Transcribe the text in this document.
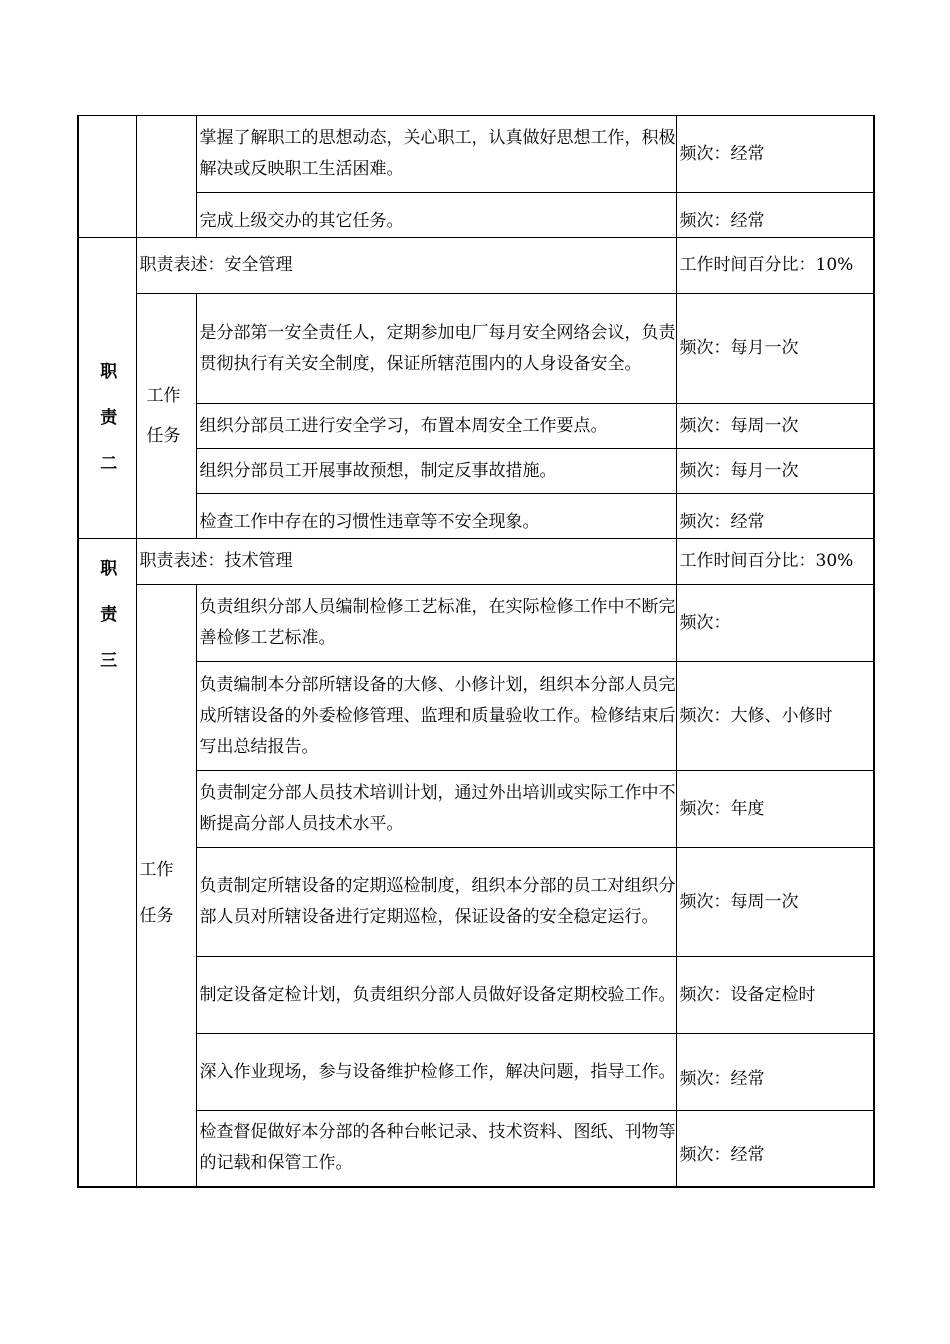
		掌握了解职工的思想动态，关心职工，认真做好思想工作，积极解决或反映职工生活困难。	频次：经常
		完成上级交办的其它任务。	频次：经常

职
责
二	职责表述：安全管理		工作时间百分比：10%

	工作
任务	是分部第一安全责任人，定期参加电厂每月安全网络会议，负责贯彻执行有关安全制度，保证所辖范围内的人身设备安全。	频次：每月一次
		组织分部员工进行安全学习，布置本周安全工作要点。	频次：每周一次
		组织分部员工开展事故预想，制定反事故措施。	频次：每月一次
		检查工作中存在的习惯性违章等不安全现象。	频次：经常

职
责
三	职责表述：技术管理		工作时间百分比：30%

	工作
任务	负责组织分部人员编制检修工艺标准，在实际检修工作中不断完善检修工艺标准。	频次：
		负责编制本分部所辖设备的大修、小修计划，组织本分部人员完成所辖设备的外委检修管理、监理和质量验收工作。检修结束后写出总结报告。	频次：大修、小修时
		负责制定分部人员技术培训计划，通过外出培训或实际工作中不断提高分部人员技术水平。	频次：年度
		负责制定所辖设备的定期巡检制度，组织本分部的员工对组织分部人员对所辖设备进行定期巡检，保证设备的安全稳定运行。	频次：每周一次
		制定设备定检计划，负责组织分部人员做好设备定期校验工作。	频次：设备定检时
		深入作业现场，参与设备维护检修工作，解决问题，指导工作。	频次：经常
		检查督促做好本分部的各种台帐记录、技术资料、图纸、刊物等的记载和保管工作。	频次：经常
